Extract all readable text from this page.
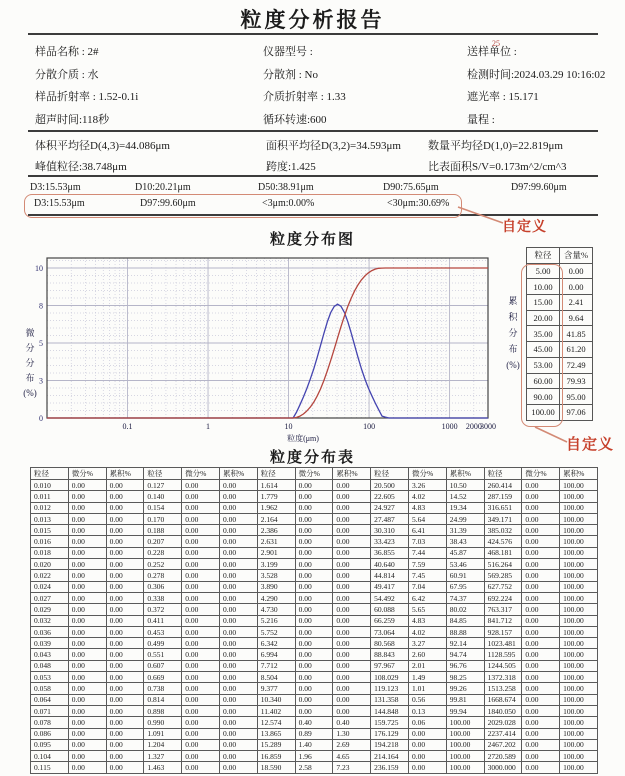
粒度分析报告
样品名称 : 2#	仪器型号 :	送样单位 :
分散介质 : 水	分散剂 : No	检测时间:2024.03.29 10:16:02
样品折射率 : 1.52-0.1i	介质折射率 : 1.33	遮光率 : 15.171
超声时间:118秒	循环转速:600	量程 :
体积平均径D(4,3)=44.086μm	面积平均径D(3,2)=34.593μm	数量平均径D(1,0)=22.819μm
峰值粒径:38.748μm	跨度:1.425	比表面积S/V=0.173m^2/cm^3
自定义
粒度分布图
0.1	1	10	100	1000 2000
3000
10
8
5
3
0
25
粒度(μm)
微
分
分
布
(%)
累
积
分
布
(%)
粒径	含量%
5.00	0.00
10.00	0.00
15.00	2.41
20.00	9.64
35.00	41.85
45.00	61.20
53.00	72.49
60.00	79.93
90.00	95.00
100.00	97.06
自定义
粒度分布表
粒径	微分%	累积%	粒径	微分%	累积%	粒径	微分%	累积%	粒径	微分%	累积%	粒径	微分%	累积%
0.010	0.00	0.00	0.127	0.00	0.00	1.614	0.00	0.00	20.500	3.26	10.50	260.414	0.00	100.00
0.011	0.00	0.00	0.140	0.00	0.00	1.779	0.00	0.00	22.605	4.02	14.52	287.159	0.00	100.00
0.012	0.00	0.00	0.154	0.00	0.00	1.962	0.00	0.00	24.927	4.83	19.34	316.651	0.00	100.00
0.013	0.00	0.00	0.170	0.00	0.00	2.164	0.00	0.00	27.487	5.64	24.99	349.171	0.00	100.00
0.015	0.00	0.00	0.188	0.00	0.00	2.386	0.00	0.00	30.310	6.41	31.39	385.032	0.00	100.00
0.016	0.00	0.00	0.207	0.00	0.00	2.631	0.00	0.00	33.423	7.03	38.43	424.576	0.00	100.00
0.018	0.00	0.00	0.228	0.00	0.00	2.901	0.00	0.00	36.855	7.44	45.87	468.181	0.00	100.00
0.020	0.00	0.00	0.252	0.00	0.00	3.199	0.00	0.00	40.640	7.59	53.46	516.264	0.00	100.00
0.022	0.00	0.00	0.278	0.00	0.00	3.528	0.00	0.00	44.814	7.45	60.91	569.285	0.00	100.00
0.024	0.00	0.00	0.306	0.00	0.00	3.890	0.00	0.00	49.417	7.04	67.95	627.752	0.00	100.00
0.027	0.00	0.00	0.338	0.00	0.00	4.290	0.00	0.00	54.492	6.42	74.37	692.224	0.00	100.00
0.029	0.00	0.00	0.372	0.00	0.00	4.730	0.00	0.00	60.088	5.65	80.02	763.317	0.00	100.00
0.032	0.00	0.00	0.411	0.00	0.00	5.216	0.00	0.00	66.259	4.83	84.85	841.712	0.00	100.00
0.036	0.00	0.00	0.453	0.00	0.00	5.752	0.00	0.00	73.064	4.02	88.88	928.157	0.00	100.00
0.039	0.00	0.00	0.499	0.00	0.00	6.342	0.00	0.00	80.568	3.27	92.14	1023.481	0.00	100.00
0.043	0.00	0.00	0.551	0.00	0.00	6.994	0.00	0.00	88.843	2.60	94.74	1128.595	0.00	100.00
0.048	0.00	0.00	0.607	0.00	0.00	7.712	0.00	0.00	97.967	2.01	96.76	1244.505	0.00	100.00
0.053	0.00	0.00	0.669	0.00	0.00	8.504	0.00	0.00	108.029	1.49	98.25	1372.318	0.00	100.00
0.058	0.00	0.00	0.738	0.00	0.00	9.377	0.00	0.00	119.123	1.01	99.26	1513.258	0.00	100.00
0.064	0.00	0.00	0.814	0.00	0.00	10.340	0.00	0.00	131.358	0.56	99.81	1668.674	0.00	100.00
0.071	0.00	0.00	0.898	0.00	0.00	11.402	0.00	0.00	144.848	0.13	99.94	1840.050	0.00	100.00
0.078	0.00	0.00	0.990	0.00	0.00	12.574	0.40	0.40	159.725	0.06	100.00	2029.028	0.00	100.00
0.086	0.00	0.00	1.091	0.00	0.00	13.865	0.89	1.30	176.129	0.00	100.00	2237.414	0.00	100.00
0.095	0.00	0.00	1.204	0.00	0.00	15.289	1.40	2.69	194.218	0.00	100.00	2467.202	0.00	100.00
0.104	0.00	0.00	1.327	0.00	0.00	16.859	1.96	4.65	214.164	0.00	100.00	2720.589	0.00	100.00
0.115	0.00	0.00	1.463	0.00	0.00	18.590	2.58	7.23	236.159	0.00	100.00	3000.000	0.00	100.00
D3:15.53μm	D10:20.21μm	D50:38.91μm	D90:75.65μm	D97:99.60μm
D3:15.53μm	D97:99.60μm	<3μm:0.00%	<30μm:30.69%
